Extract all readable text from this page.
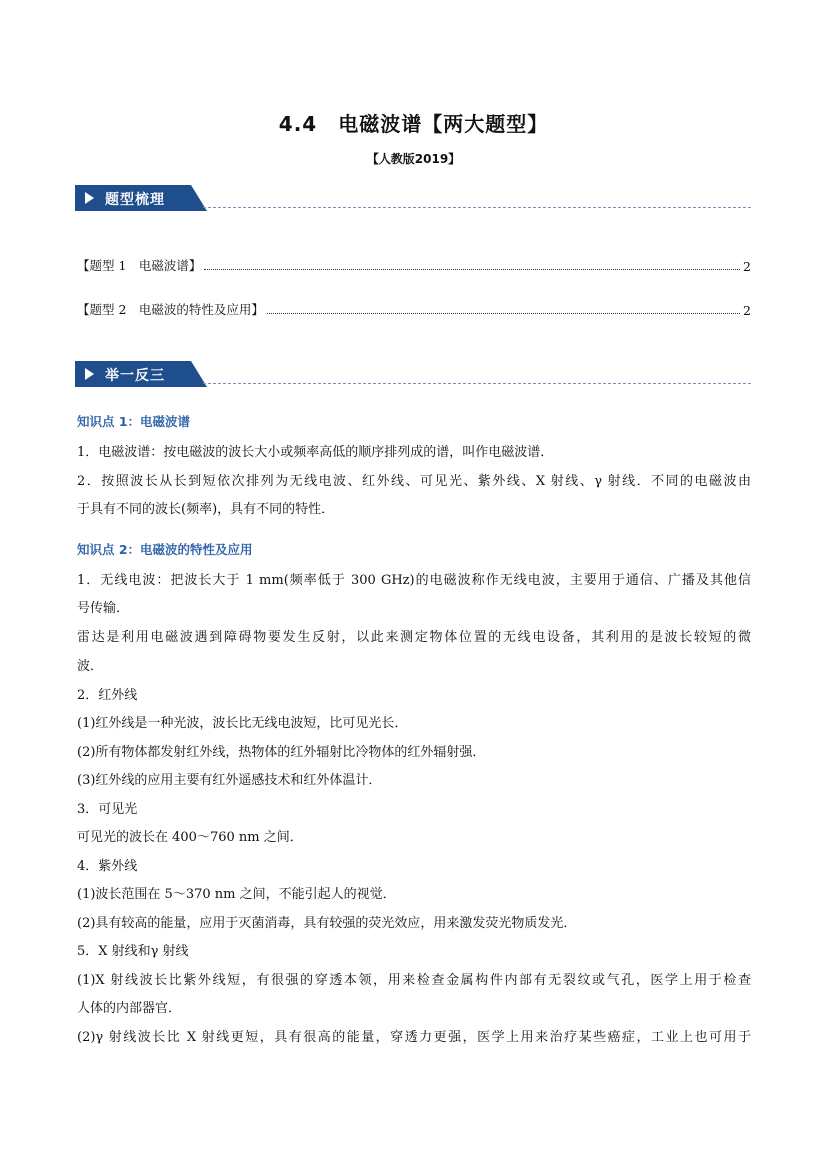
4.4　电磁波谱【两大题型】
【人教版2019】
题型梳理
【题型 1　电磁波谱】	2
【题型 2　电磁波的特性及应用】	2
举一反三
知识点 1：电磁波谱
1．电磁波谱：按电磁波的波长大小或频率高低的顺序排列成的谱，叫作电磁波谱．
2．按照波长从长到短依次排列为无线电波、红外线、可见光、紫外线、X 射线、γ 射线．不同的电磁波由
于具有不同的波长(频率)，具有不同的特性．
知识点 2：电磁波的特性及应用
1．无线电波：把波长大于 1 mm(频率低于 300 GHz)的电磁波称作无线电波，主要用于通信、广播及其他信
号传输．
雷达是利用电磁波遇到障碍物要发生反射，以此来测定物体位置的无线电设备，其利用的是波长较短的微
波．
2．红外线
(1)红外线是一种光波，波长比无线电波短，比可见光长．
(2)所有物体都发射红外线，热物体的红外辐射比冷物体的红外辐射强．
(3)红外线的应用主要有红外遥感技术和红外体温计．
3．可见光
可见光的波长在 400～760 nm 之间．
4．紫外线
(1)波长范围在 5～370 nm 之间，不能引起人的视觉．
(2)具有较高的能量，应用于灭菌消毒，具有较强的荧光效应，用来激发荧光物质发光．
5．X 射线和γ 射线
(1)X 射线波长比紫外线短，有很强的穿透本领，用来检查金属构件内部有无裂纹或气孔，医学上用于检查
人体的内部器官．
(2)γ 射线波长比 X 射线更短，具有很高的能量，穿透力更强，医学上用来治疗某些癌症，工业上也可用于
